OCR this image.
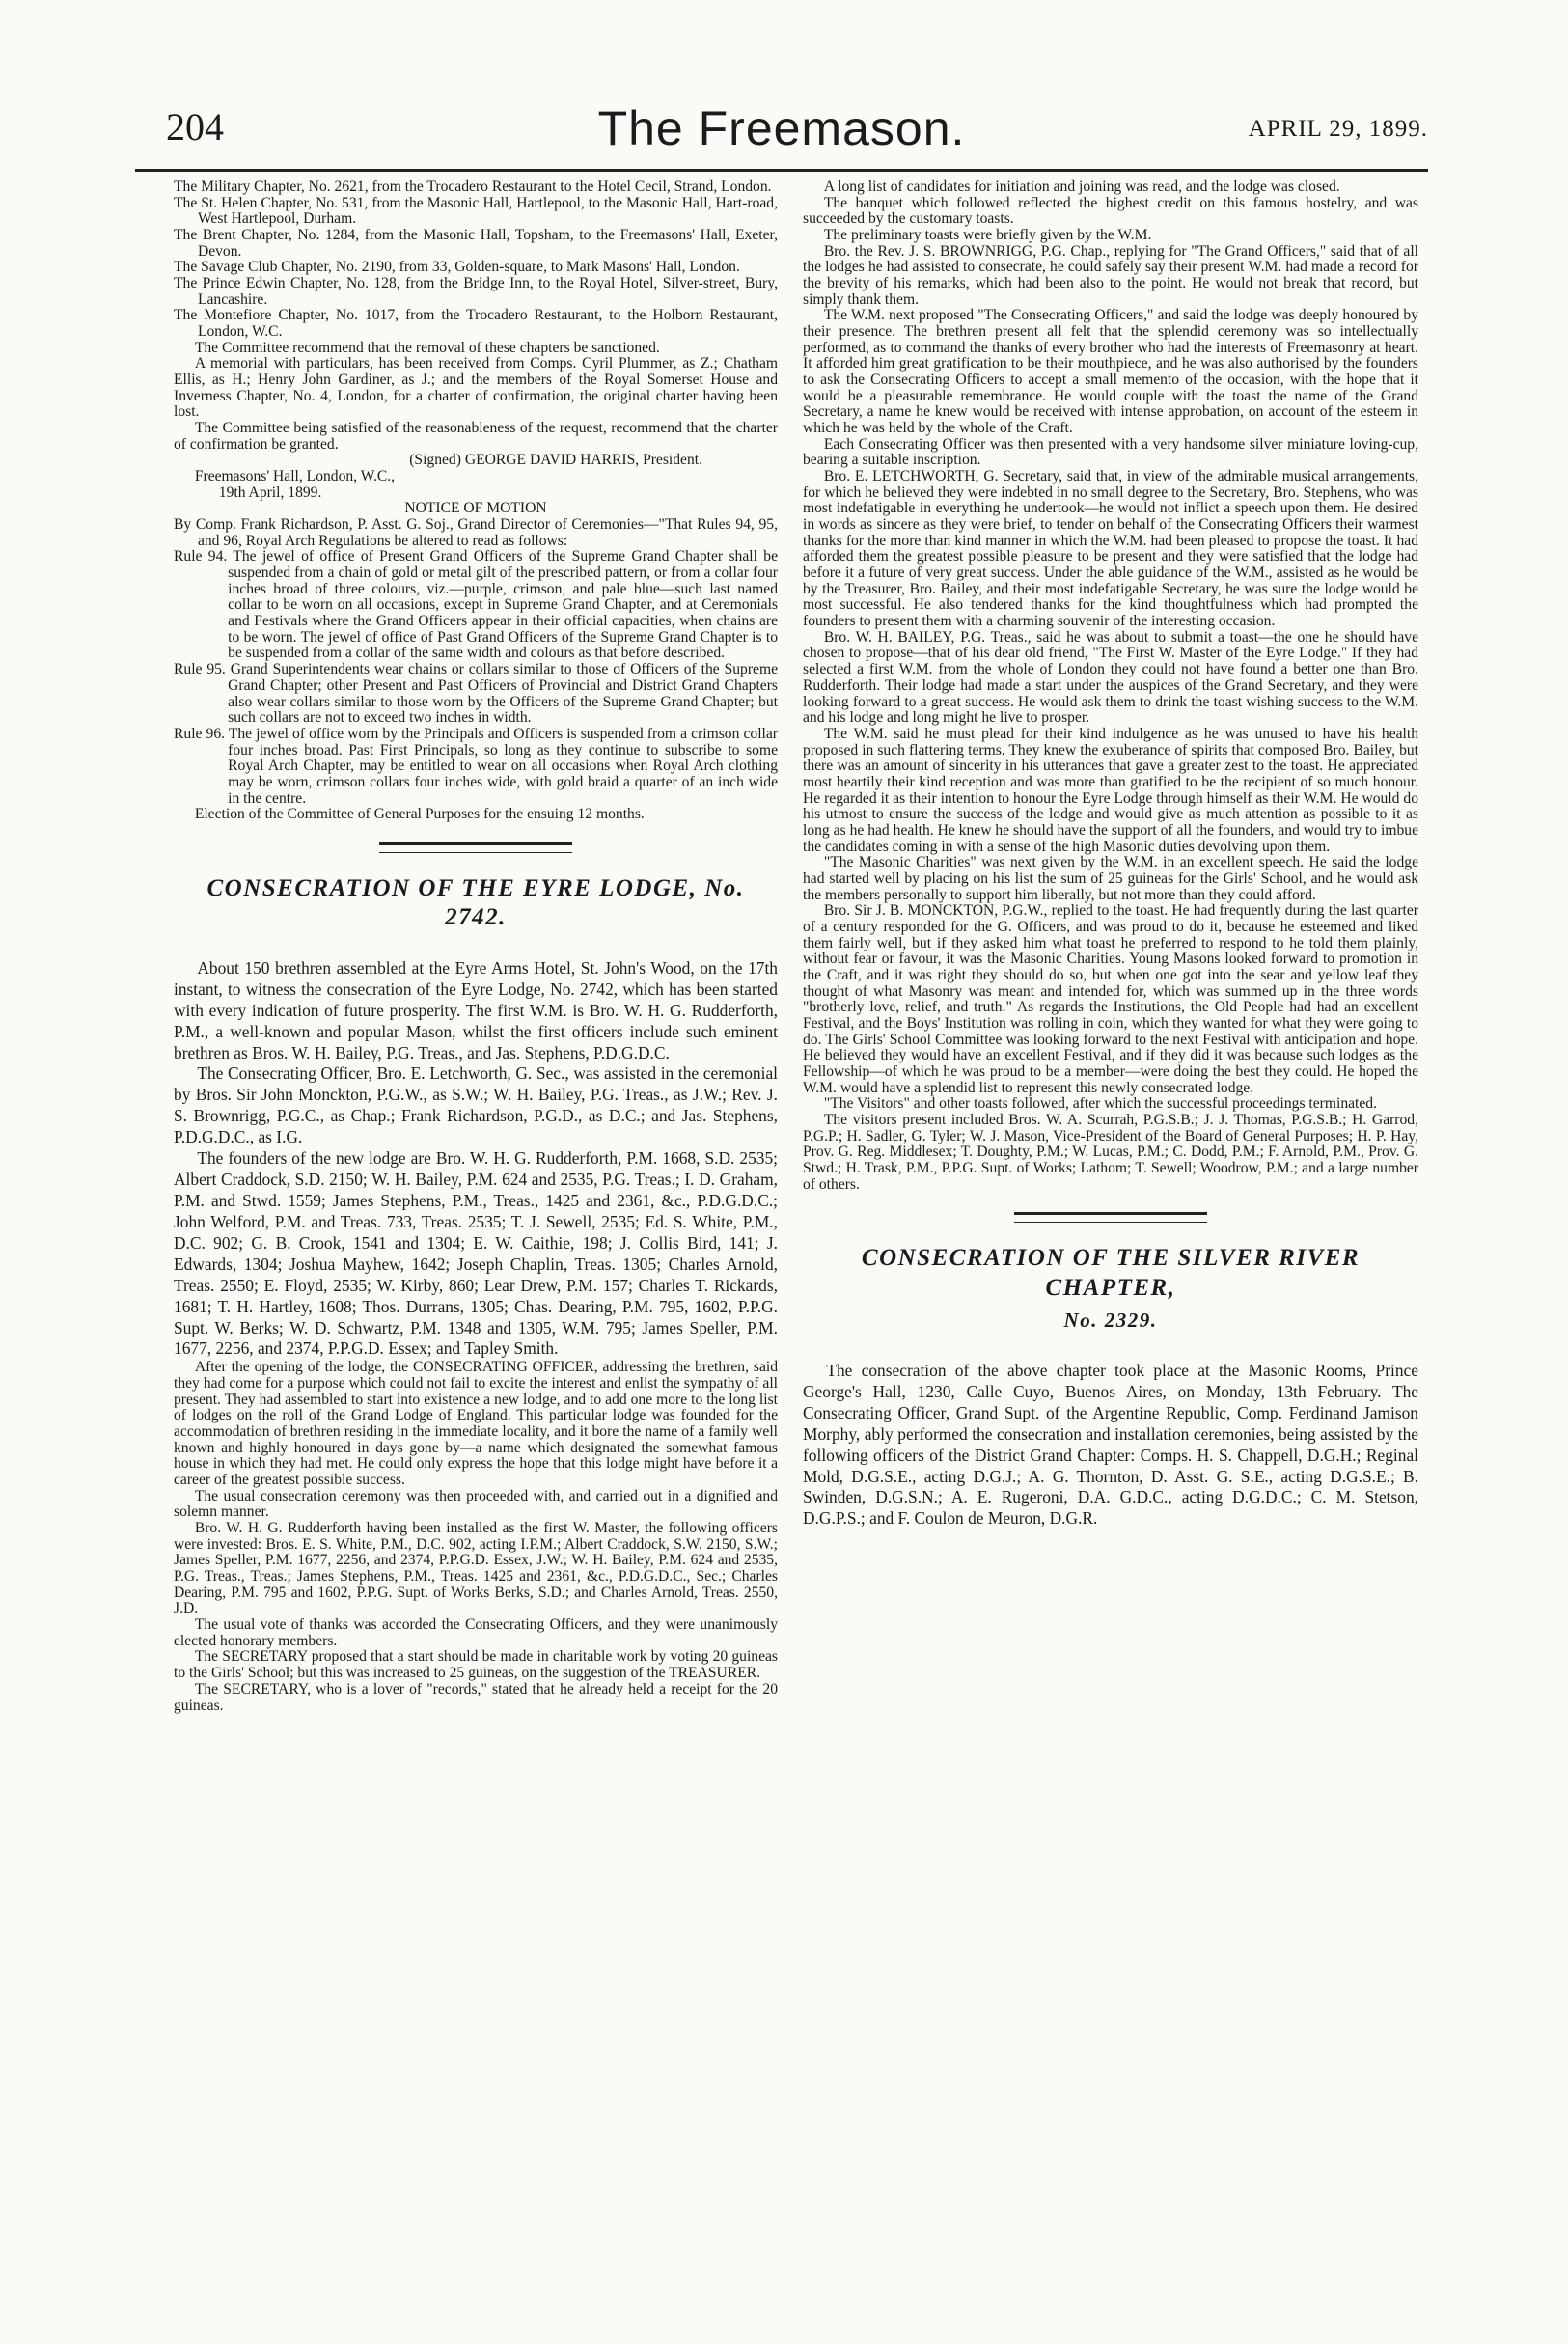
204	The Freemason.	APRIL 29, 1899.

The Military Chapter, No. 2621, from the Trocadero Restaurant to the Hotel Cecil, Strand, London.

The St. Helen Chapter, No. 531, from the Masonic Hall, Hartlepool, to the Masonic Hall, Hart-road, West Hartlepool, Durham.

The Brent Chapter, No. 1284, from the Masonic Hall, Topsham, to the Freemasons' Hall, Exeter, Devon.

The Savage Club Chapter, No. 2190, from 33, Golden-square, to Mark Masons' Hall, London.

The Prince Edwin Chapter, No. 128, from the Bridge Inn, to the Royal Hotel, Silver-street, Bury, Lancashire.

The Montefiore Chapter, No. 1017, from the Trocadero Restaurant, to the Holborn Restaurant, London, W.C.

The Committee recommend that the removal of these chapters be sanctioned.

A memorial with particulars, has been received from Comps. Cyril Plummer, as Z.; Chatham Ellis, as H.; Henry John Gardiner, as J.; and the members of the Royal Somerset House and Inverness Chapter, No. 4, London, for a charter of confirmation, the original charter having been lost.

The Committee being satisfied of the reasonableness of the request, recommend that the charter of confirmation be granted.

(Signed) GEORGE DAVID HARRIS, President.

Freemasons' Hall, London, W.C.,

19th April, 1899.

NOTICE OF MOTION

By Comp. Frank Richardson, P. Asst. G. Soj., Grand Director of Ceremonies—"That Rules 94, 95, and 96, Royal Arch Regulations be altered to read as follows:

Rule 94. The jewel of office of Present Grand Officers of the Supreme Grand Chapter shall be suspended from a chain of gold or metal gilt of the prescribed pattern, or from a collar four inches broad of three colours, viz.—purple, crimson, and pale blue—such last named collar to be worn on all occasions, except in Supreme Grand Chapter, and at Ceremonials and Festivals where the Grand Officers appear in their official capacities, when chains are to be worn. The jewel of office of Past Grand Officers of the Supreme Grand Chapter is to be suspended from a collar of the same width and colours as that before described.

Rule 95. Grand Superintendents wear chains or collars similar to those of Officers of the Supreme Grand Chapter; other Present and Past Officers of Provincial and District Grand Chapters also wear collars similar to those worn by the Officers of the Supreme Grand Chapter; but such collars are not to exceed two inches in width.

Rule 96. The jewel of office worn by the Principals and Officers is suspended from a crimson collar four inches broad. Past First Principals, so long as they continue to subscribe to some Royal Arch Chapter, may be entitled to wear on all occasions when Royal Arch clothing may be worn, crimson collars four inches wide, with gold braid a quarter of an inch wide in the centre.

Election of the Committee of General Purposes for the ensuing 12 months.

CONSECRATION OF THE EYRE LODGE, No. 2742.

About 150 brethren assembled at the Eyre Arms Hotel, St. John's Wood, on the 17th instant, to witness the consecration of the Eyre Lodge, No. 2742, which has been started with every indication of future prosperity. The first W.M. is Bro. W. H. G. Rudderforth, P.M., a well-known and popular Mason, whilst the first officers include such eminent brethren as Bros. W. H. Bailey, P.G. Treas., and Jas. Stephens, P.D.G.D.C.

The Consecrating Officer, Bro. E. Letchworth, G. Sec., was assisted in the ceremonial by Bros. Sir John Monckton, P.G.W., as S.W.; W. H. Bailey, P.G. Treas., as J.W.; Rev. J. S. Brownrigg, P.G.C., as Chap.; Frank Richardson, P.G.D., as D.C.; and Jas. Stephens, P.D.G.D.C., as I.G.

The founders of the new lodge are Bro. W. H. G. Rudderforth, P.M. 1668, S.D. 2535; Albert Craddock, S.D. 2150; W. H. Bailey, P.M. 624 and 2535, P.G. Treas.; I. D. Graham, P.M. and Stwd. 1559; James Stephens, P.M., Treas., 1425 and 2361, &c., P.D.G.D.C.; John Welford, P.M. and Treas. 733, Treas. 2535; T. J. Sewell, 2535; Ed. S. White, P.M., D.C. 902; G. B. Crook, 1541 and 1304; E. W. Caithie, 198; J. Collis Bird, 141; J. Edwards, 1304; Joshua Mayhew, 1642; Joseph Chaplin, Treas. 1305; Charles Arnold, Treas. 2550; E. Floyd, 2535; W. Kirby, 860; Lear Drew, P.M. 157; Charles T. Rickards, 1681; T. H. Hartley, 1608; Thos. Durrans, 1305; Chas. Dearing, P.M. 795, 1602, P.P.G. Supt. W. Berks; W. D. Schwartz, P.M. 1348 and 1305, W.M. 795; James Speller, P.M. 1677, 2256, and 2374, P.P.G.D. Essex; and Tapley Smith.

After the opening of the lodge, the CONSECRATING OFFICER, addressing the brethren, said they had come for a purpose which could not fail to excite the interest and enlist the sympathy of all present. They had assembled to start into existence a new lodge, and to add one more to the long list of lodges on the roll of the Grand Lodge of England. This particular lodge was founded for the accommodation of brethren residing in the immediate locality, and it bore the name of a family well known and highly honoured in days gone by—a name which designated the somewhat famous house in which they had met. He could only express the hope that this lodge might have before it a career of the greatest possible success.

The usual consecration ceremony was then proceeded with, and carried out in a dignified and solemn manner.

Bro. W. H. G. Rudderforth having been installed as the first W. Master, the following officers were invested: Bros. E. S. White, P.M., D.C. 902, acting I.P.M.; Albert Craddock, S.W. 2150, S.W.; James Speller, P.M. 1677, 2256, and 2374, P.P.G.D. Essex, J.W.; W. H. Bailey, P.M. 624 and 2535, P.G. Treas., Treas.; James Stephens, P.M., Treas. 1425 and 2361, &c., P.D.G.D.C., Sec.; Charles Dearing, P.M. 795 and 1602, P.P.G. Supt. of Works Berks, S.D.; and Charles Arnold, Treas. 2550, J.D.

The usual vote of thanks was accorded the Consecrating Officers, and they were unanimously elected honorary members.

The SECRETARY proposed that a start should be made in charitable work by voting 20 guineas to the Girls' School; but this was increased to 25 guineas, on the suggestion of the TREASURER.

The SECRETARY, who is a lover of "records," stated that he already held a receipt for the 20 guineas.

A long list of candidates for initiation and joining was read, and the lodge was closed.

The banquet which followed reflected the highest credit on this famous hostelry, and was succeeded by the customary toasts.

The preliminary toasts were briefly given by the W.M.

Bro. the Rev. J. S. BROWNRIGG, P.G. Chap., replying for "The Grand Officers," said that of all the lodges he had assisted to consecrate, he could safely say their present W.M. had made a record for the brevity of his remarks, which had been also to the point. He would not break that record, but simply thank them.

The W.M. next proposed "The Consecrating Officers," and said the lodge was deeply honoured by their presence. The brethren present all felt that the splendid ceremony was so intellectually performed, as to command the thanks of every brother who had the interests of Freemasonry at heart. It afforded him great gratification to be their mouthpiece, and he was also authorised by the founders to ask the Consecrating Officers to accept a small memento of the occasion, with the hope that it would be a pleasurable remembrance. He would couple with the toast the name of the Grand Secretary, a name he knew would be received with intense approbation, on account of the esteem in which he was held by the whole of the Craft.

Each Consecrating Officer was then presented with a very handsome silver miniature loving-cup, bearing a suitable inscription.

Bro. E. LETCHWORTH, G. Secretary, said that, in view of the admirable musical arrangements, for which he believed they were indebted in no small degree to the Secretary, Bro. Stephens, who was most indefatigable in everything he undertook—he would not inflict a speech upon them. He desired in words as sincere as they were brief, to tender on behalf of the Consecrating Officers their warmest thanks for the more than kind manner in which the W.M. had been pleased to propose the toast. It had afforded them the greatest possible pleasure to be present and they were satisfied that the lodge had before it a future of very great success. Under the able guidance of the W.M., assisted as he would be by the Treasurer, Bro. Bailey, and their most indefatigable Secretary, he was sure the lodge would be most successful. He also tendered thanks for the kind thoughtfulness which had prompted the founders to present them with a charming souvenir of the interesting occasion.

Bro. W. H. BAILEY, P.G. Treas., said he was about to submit a toast—the one he should have chosen to propose—that of his dear old friend, "The First W. Master of the Eyre Lodge." If they had selected a first W.M. from the whole of London they could not have found a better one than Bro. Rudderforth. Their lodge had made a start under the auspices of the Grand Secretary, and they were looking forward to a great success. He would ask them to drink the toast wishing success to the W.M. and his lodge and long might he live to prosper.

The W.M. said he must plead for their kind indulgence as he was unused to have his health proposed in such flattering terms. They knew the exuberance of spirits that composed Bro. Bailey, but there was an amount of sincerity in his utterances that gave a greater zest to the toast. He appreciated most heartily their kind reception and was more than gratified to be the recipient of so much honour. He regarded it as their intention to honour the Eyre Lodge through himself as their W.M. He would do his utmost to ensure the success of the lodge and would give as much attention as possible to it as long as he had health. He knew he should have the support of all the founders, and would try to imbue the candidates coming in with a sense of the high Masonic duties devolving upon them.

"The Masonic Charities" was next given by the W.M. in an excellent speech. He said the lodge had started well by placing on his list the sum of 25 guineas for the Girls' School, and he would ask the members personally to support him liberally, but not more than they could afford.

Bro. Sir J. B. MONCKTON, P.G.W., replied to the toast. He had frequently during the last quarter of a century responded for the G. Officers, and was proud to do it, because he esteemed and liked them fairly well, but if they asked him what toast he preferred to respond to he told them plainly, without fear or favour, it was the Masonic Charities. Young Masons looked forward to promotion in the Craft, and it was right they should do so, but when one got into the sear and yellow leaf they thought of what Masonry was meant and intended for, which was summed up in the three words "brotherly love, relief, and truth." As regards the Institutions, the Old People had had an excellent Festival, and the Boys' Institution was rolling in coin, which they wanted for what they were going to do. The Girls' School Committee was looking forward to the next Festival with anticipation and hope. He believed they would have an excellent Festival, and if they did it was because such lodges as the Fellowship—of which he was proud to be a member—were doing the best they could. He hoped the W.M. would have a splendid list to represent this newly consecrated lodge.

"The Visitors" and other toasts followed, after which the successful proceedings terminated.

The visitors present included Bros. W. A. Scurrah, P.G.S.B.; J. J. Thomas, P.G.S.B.; H. Garrod, P.G.P.; H. Sadler, G. Tyler; W. J. Mason, Vice-President of the Board of General Purposes; H. P. Hay, Prov. G. Reg. Middlesex; T. Doughty, P.M.; W. Lucas, P.M.; C. Dodd, P.M.; F. Arnold, P.M., Prov. G. Stwd.; H. Trask, P.M., P.P.G. Supt. of Works; Lathom; T. Sewell; Woodrow, P.M.; and a large number of others.

CONSECRATION OF THE SILVER RIVER CHAPTER,
No. 2329.

The consecration of the above chapter took place at the Masonic Rooms, Prince George's Hall, 1230, Calle Cuyo, Buenos Aires, on Monday, 13th February. The Consecrating Officer, Grand Supt. of the Argentine Republic, Comp. Ferdinand Jamison Morphy, ably performed the consecration and installation ceremonies, being assisted by the following officers of the District Grand Chapter: Comps. H. S. Chappell, D.G.H.; Reginal Mold, D.G.S.E., acting D.G.J.; A. G. Thornton, D. Asst. G. S.E., acting D.G.S.E.; B. Swinden, D.G.S.N.; A. E. Rugeroni, D.A. G.D.C., acting D.G.D.C.; C. M. Stetson, D.G.P.S.; and F. Coulon de Meuron, D.G.R.
